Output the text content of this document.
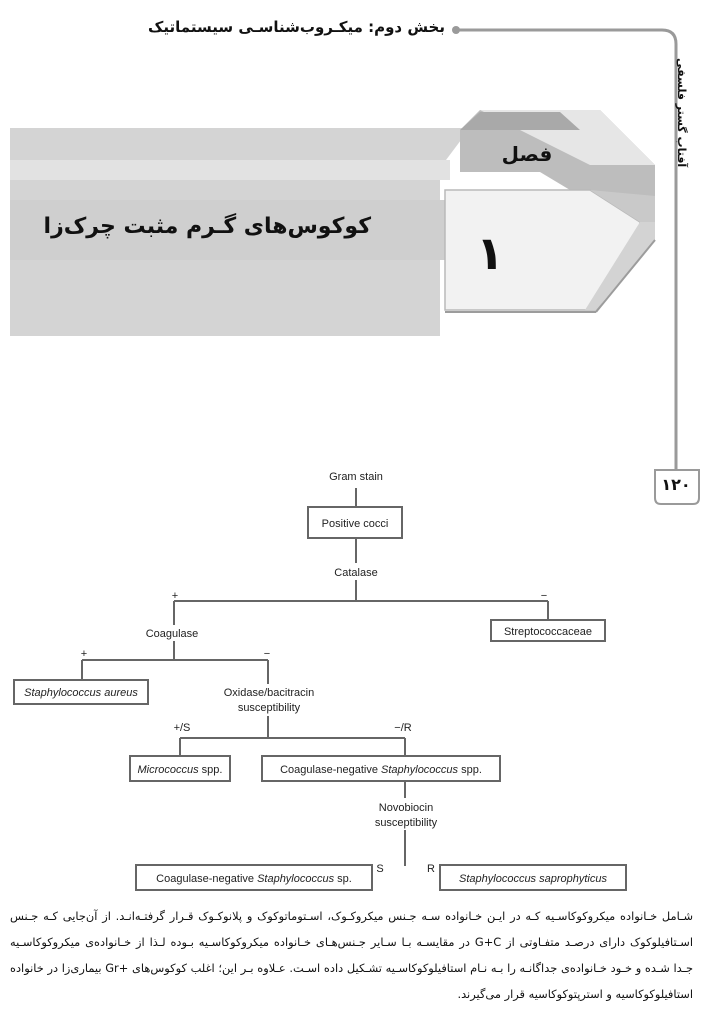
بخش دوم: میکـروب‌شناسـی سیستماتیک
آفتاب گستر فلسفی
۱۲۰
فصل
۱
کوکوس‌های گـرم مثبت چرک‌زا
Gram stain
Positive cocci
Catalase
+	−
Streptococcaceae
Coagulase
+	−
Staphylococcus aureus	Oxidase/bacitracin
susceptibility
+/S	−/R
Micrococcus spp.	Coagulase-negative Staphylococcus spp.
Novobiocin
susceptibility
S	R
Coagulase-negative Staphylococcus sp.	Staphylococcus saprophyticus

شـامل خـانواده میکروکوکاسـیه کـه در ایـن خـانواده سـه جـنس میکروکـوک، اسـتوماتوکوک و پلانوکـوک قـرار گرفتـه‌انـد. از آن‌جایی کـه جـنس اسـتافیلوکوک دارای درصـد متفـاوتی از G+C در مقایسـه بـا سـایر جـنس‌هـای خـانواده میکروکوکاسـیه بـوده لـذا از خـانواده‌ی میکروکوکاسـیه جـدا شـده و خـود خـانواده‌ی جداگانـه را بـه نـام استافیلوکوکاسـیه تشـکیل داده اسـت. عـلاوه بـر این؛ اغلب کوکوس‌های +Gr بیماری‌زا در خانواده استافیلوکوکاسیه و استرپتوکوکاسیه قرار می‌گیرند.
